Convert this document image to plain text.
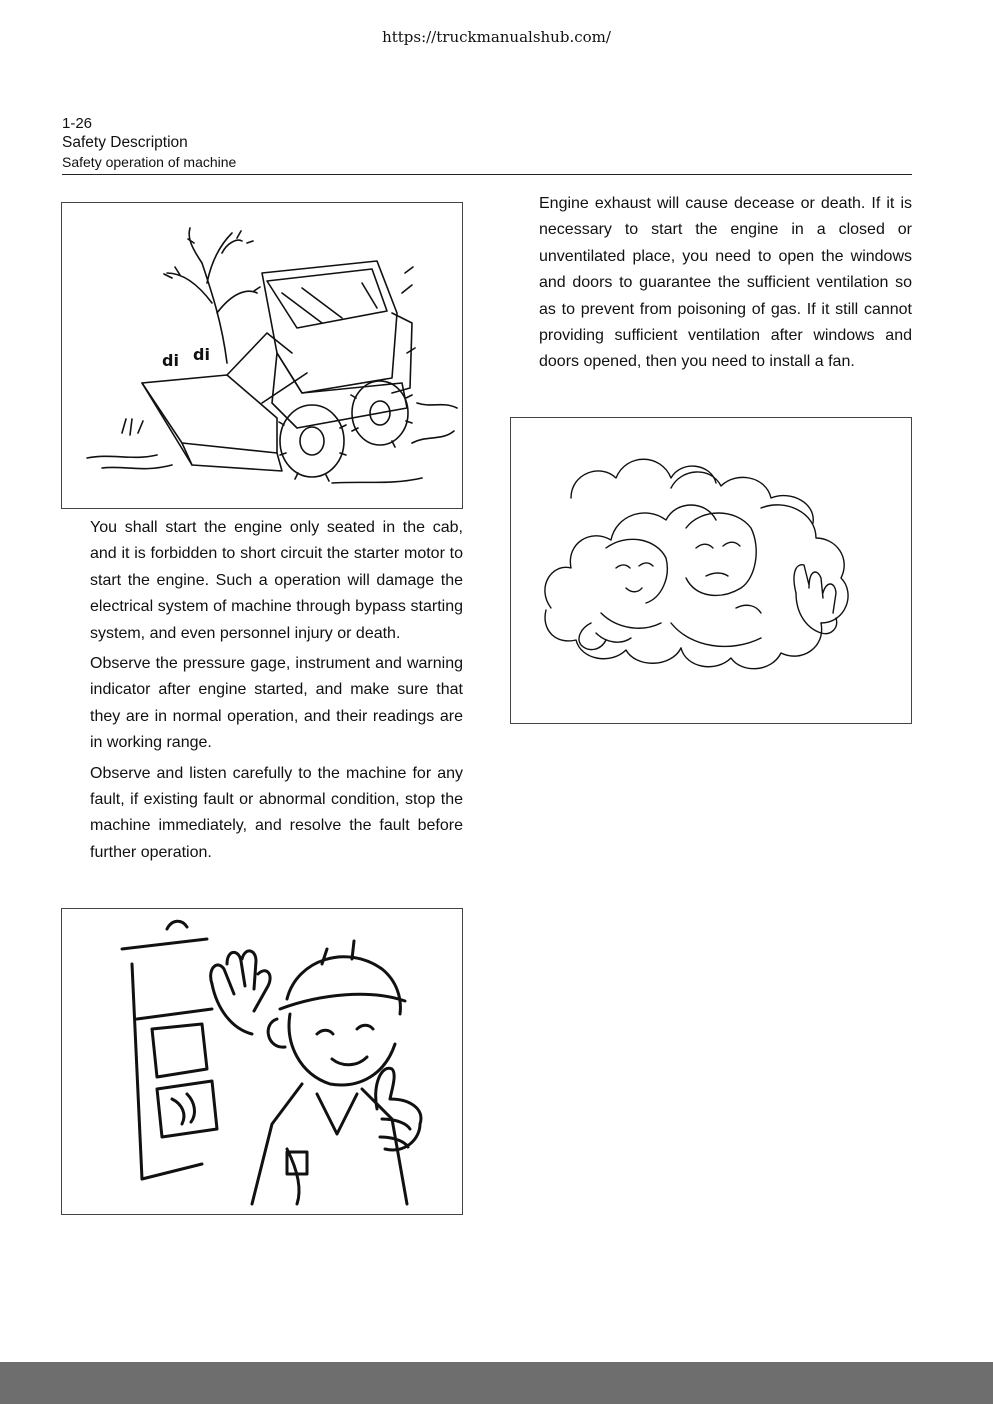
https://truckmanualshub.com/
1-26
Safety Description
Safety operation of machine
di di

You shall start the engine only seated in the cab, and it is forbidden to short circuit the starter motor to start the engine. Such a operation will damage the electrical system of machine through bypass starting system, and even personnel injury or death.

Observe the pressure gage, instrument and warning indicator after engine started, and make sure that they are in normal operation, and their readings are in working range.

Observe and listen carefully to the machine for any fault, if existing fault or abnormal condition, stop the machine immediately, and resolve the fault before further operation.

Engine exhaust will cause decease or death. If it is necessary to start the engine in a closed or unventilated place, you need to open the windows and doors to guarantee the sufficient ventilation so as to prevent from poisoning of gas. If it still cannot providing sufficient ventilation after windows and doors opened, then you need to install a fan.
